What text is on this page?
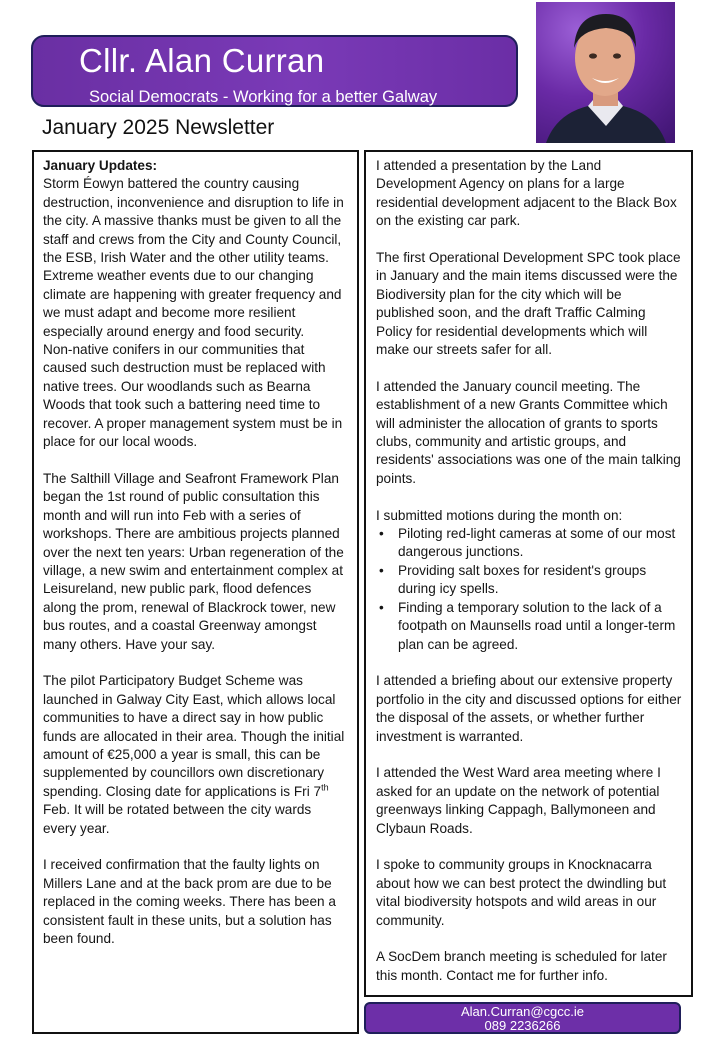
Cllr. Alan Curran
Social Democrats - Working for a better Galway
January 2025 Newsletter

January Updates:

Storm Éowyn battered the country causing destruction, inconvenience and disruption to life in the city. A massive thanks must be given to all the staff and crews from the City and County Council, the ESB, Irish Water and the other utility teams.

Extreme weather events due to our changing climate are happening with greater frequency and we must adapt and become more resilient especially around energy and food security.

Non-native conifers in our communities that caused such destruction must be replaced with native trees. Our woodlands such as Bearna Woods that took such a battering need time to recover. A proper management system must be in place for our local woods.

The Salthill Village and Seafront Framework Plan began the 1st round of public consultation this month and will run into Feb with a series of workshops. There are ambitious projects planned over the next ten years: Urban regeneration of the village, a new swim and entertainment complex at Leisureland, new public park, flood defences along the prom, renewal of Blackrock tower, new bus routes, and a coastal Greenway amongst many others. Have your say.

The pilot Participatory Budget Scheme was launched in Galway City East, which allows local communities to have a direct say in how public funds are allocated in their area. Though the initial amount of €25,000 a year is small, this can be supplemented by councillors own discretionary spending. Closing date for applications is Fri 7th Feb. It will be rotated between the city wards every year.

I received confirmation that the faulty lights on Millers Lane and at the back prom are due to be replaced in the coming weeks. There has been a consistent fault in these units, but a solution has been found.

I attended a presentation by the Land Development Agency on plans for a large residential development adjacent to the Black Box on the existing car park.

The first Operational Development SPC took place in January and the main items discussed were the Biodiversity plan for the city which will be published soon, and the draft Traffic Calming Policy for residential developments which will make our streets safer for all.

I attended the January council meeting. The establishment of a new Grants Committee which will administer the allocation of grants to sports clubs, community and artistic groups, and residents' associations was one of the main talking points.

I submitted motions during the month on:

• Piloting red-light cameras at some of our most dangerous junctions.
• Providing salt boxes for resident's groups during icy spells.
• Finding a temporary solution to the lack of a footpath on Maunsells road until a longer-term plan can be agreed.

I attended a briefing about our extensive property portfolio in the city and discussed options for either the disposal of the assets, or whether further investment is warranted.

I attended the West Ward area meeting where I asked for an update on the network of potential greenways linking Cappagh, Ballymoneen and Clybaun Roads.

I spoke to community groups in Knocknacarra about how we can best protect the dwindling but vital biodiversity hotspots and wild areas in our community.

A SocDem branch meeting is scheduled for later this month. Contact me for further info.

Alan.Curran@cgcc.ie
089 2236266
